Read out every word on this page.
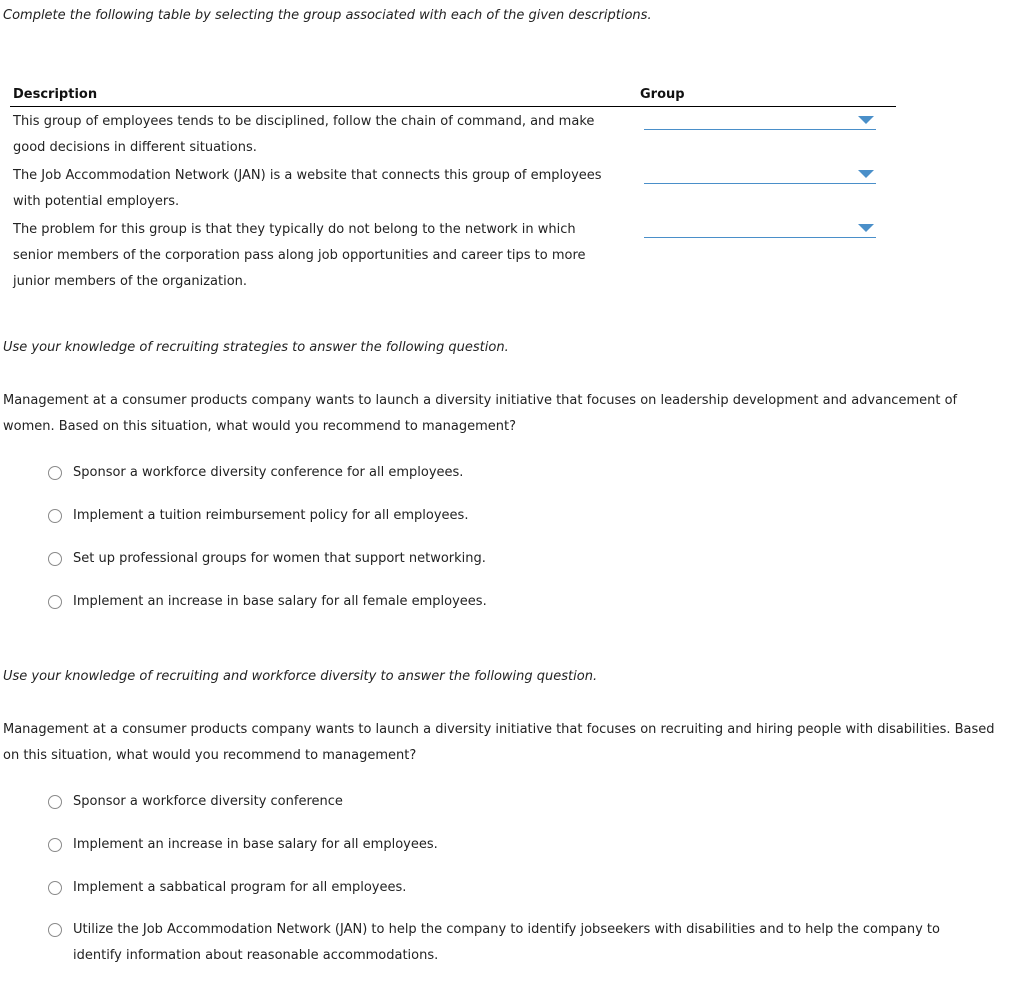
Complete the following table by selecting the group associated with each of the given descriptions.
Description	Group
This group of employees tends to be disciplined, follow the chain of command, and make
good decisions in different situations.
The Job Accommodation Network (JAN) is a website that connects this group of employees
with potential employers.
The problem for this group is that they typically do not belong to the network in which
senior members of the corporation pass along job opportunities and career tips to more
junior members of the organization.
Use your knowledge of recruiting strategies to answer the following question.
Management at a consumer products company wants to launch a diversity initiative that focuses on leadership development and advancement of
women. Based on this situation, what would you recommend to management?
Sponsor a workforce diversity conference for all employees.
Implement a tuition reimbursement policy for all employees.
Set up professional groups for women that support networking.
Implement an increase in base salary for all female employees.
Use your knowledge of recruiting and workforce diversity to answer the following question.
Management at a consumer products company wants to launch a diversity initiative that focuses on recruiting and hiring people with disabilities. Based
on this situation, what would you recommend to management?
Sponsor a workforce diversity conference
Implement an increase in base salary for all employees.
Implement a sabbatical program for all employees.
Utilize the Job Accommodation Network (JAN) to help the company to identify jobseekers with disabilities and to help the company to identify information about reasonable accommodations.
